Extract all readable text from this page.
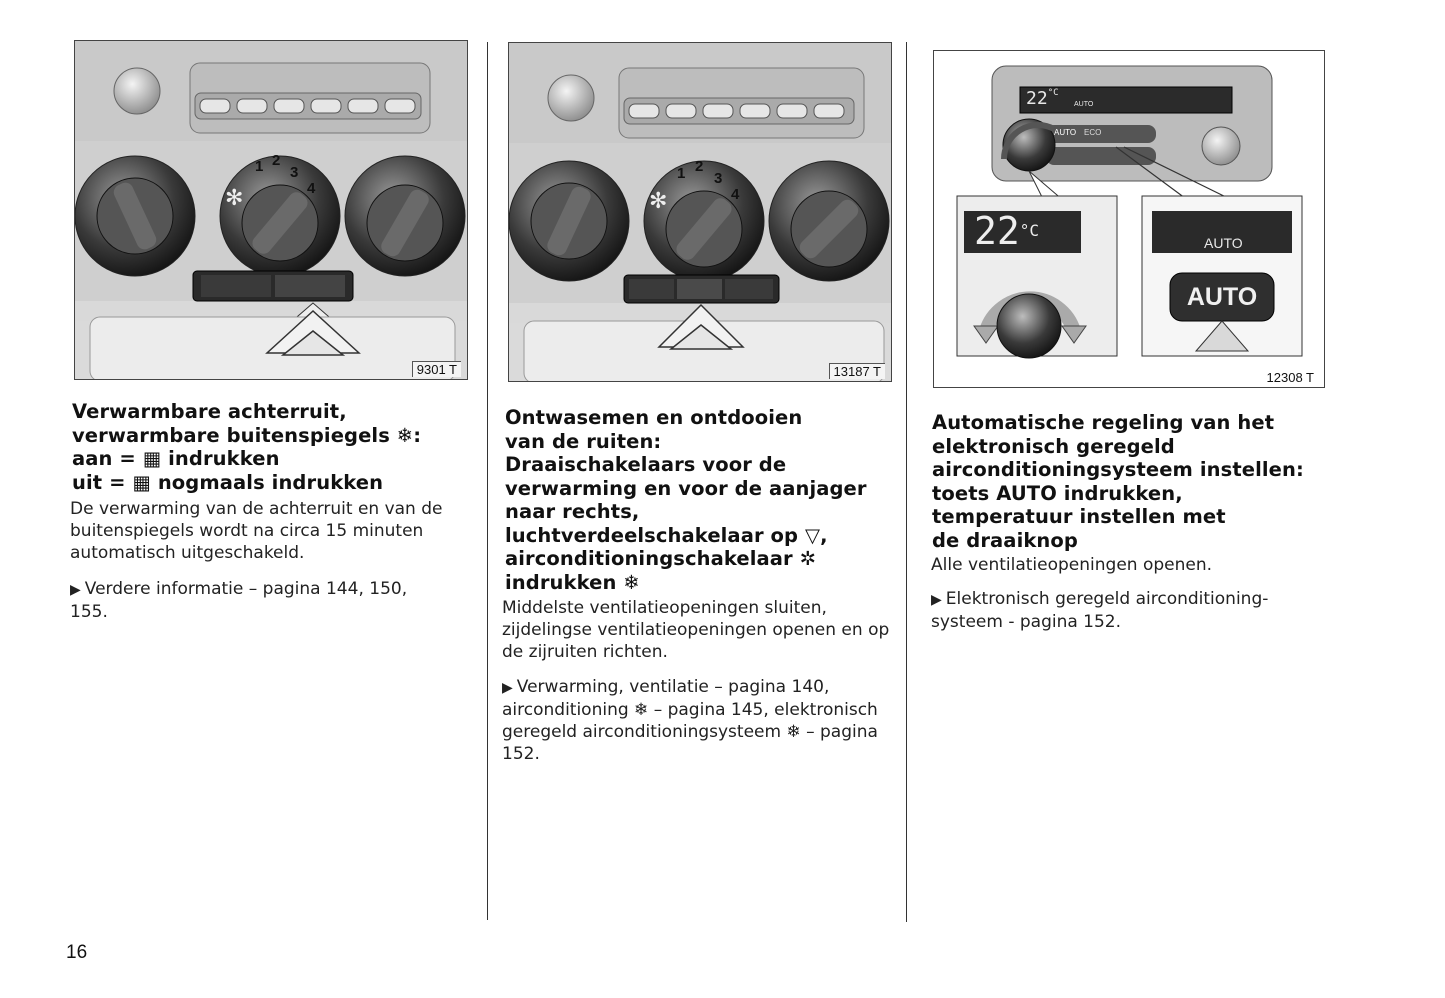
1 2
3
4
✻
9301 T
Verwarmbare achterruit,
verwarmbare buitenspiegels ❄:
aan = ▦ indrukken
uit = ▦ nogmaals indrukken
De verwarming van de achterruit en van de buitenspiegels wordt na circa 15 minuten automatisch uitgeschakeld.
▶ Verdere informatie – pagina 144, 150, 155.
1 2
3
4
✻
13187 T
Ontwasemen en ontdooien
van de ruiten:
Draaischakelaars voor de
verwarming en voor de aanjager
naar rechts,
luchtverdeelschakelaar op ▽,
airconditioningschakelaar ✲
indrukken ❄
Middelste ventilatieopeningen sluiten, zijdelingse ventilatieopeningen openen en op de zijruiten richten.
▶ Verwarming, ventilatie – pagina 140, airconditioning ❄ – pagina 145, elektronisch geregeld airconditioningsysteem ❄ – pagina 152.
$22^{^\circ C}$
AUTO
AUTO ECO
$22^{^\circ C}$
AUTO
AUTO
12308 T
Automatische regeling van het
elektronisch geregeld
airconditioningsysteem instellen:
toets AUTO indrukken,
temperatuur instellen met
de draaiknop
Alle ventilatieopeningen openen.
▶ Elektronisch geregeld airconditioning-systeem - pagina 152.
16
